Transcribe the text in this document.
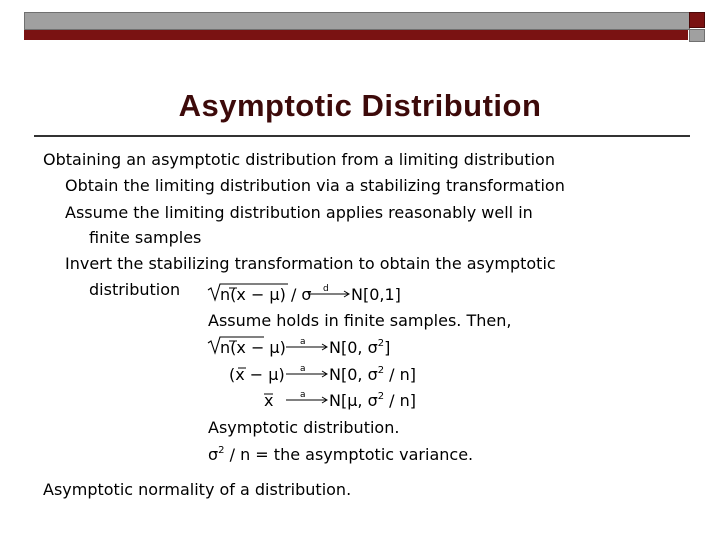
Asymptotic Distribution
Obtaining an asymptotic distribution from a limiting distribution
Obtain the limiting distribution via a stabilizing transformation
Assume the limiting distribution applies reasonably well in
finite samples
Invert the stabilizing transformation to obtain the asymptotic
distribution n(x − μ) / σ d N[0,1]
Assume holds in finite samples. Then,
n(x − μ) a N[0, $\sigma^2$]
(x − μ) a N[0, $\sigma^2 / n$]
x	a N[μ, $\sigma^2 / n$]
Asymptotic distribution.
$\sigma^2$ / n = the asymptotic variance.
Asymptotic normality of a distribution.
